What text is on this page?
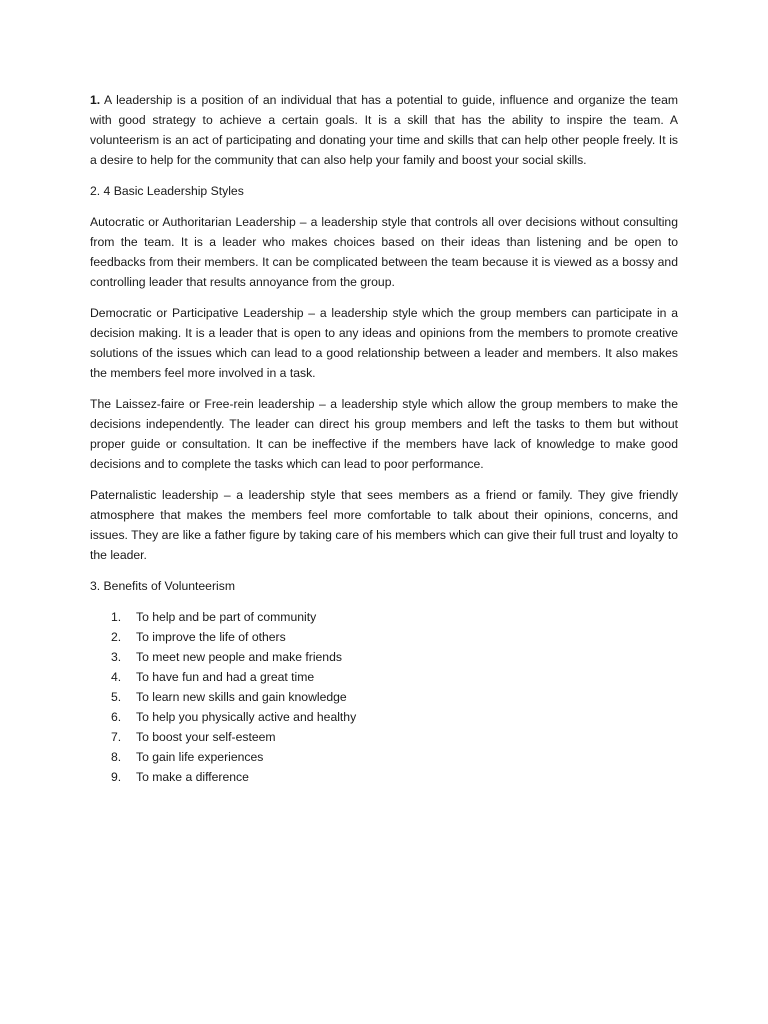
1. A leadership is a position of an individual that has a potential to guide, influence and organize the team with good strategy to achieve a certain goals. It is a skill that has the ability to inspire the team. A volunteerism is an act of participating and donating your time and skills that can help other people freely. It is a desire to help for the community that can also help your family and boost your social skills.

2. 4 Basic Leadership Styles

Autocratic or Authoritarian Leadership – a leadership style that controls all over decisions without consulting from the team. It is a leader who makes choices based on their ideas than listening and be open to feedbacks from their members. It can be complicated between the team because it is viewed as a bossy and controlling leader that results annoyance from the group.

Democratic or Participative Leadership – a leadership style which the group members can participate in a decision making. It is a leader that is open to any ideas and opinions from the members to promote creative solutions of the issues which can lead to a good relationship between a leader and members. It also makes the members feel more involved in a task.

The Laissez-faire or Free-rein leadership – a leadership style which allow the group members to make the decisions independently. The leader can direct his group members and left the tasks to them but without proper guide or consultation. It can be ineffective if the members have lack of knowledge to make good decisions and to complete the tasks which can lead to poor performance.

Paternalistic leadership – a leadership style that sees members as a friend or family. They give friendly atmosphere that makes the members feel more comfortable to talk about their opinions, concerns, and issues. They are like a father figure by taking care of his members which can give their full trust and loyalty to the leader.

3. Benefits of Volunteerism

1.	To help and be part of community
2.	To improve the life of others
3.	To meet new people and make friends
4.	To have fun and had a great time
5.	To learn new skills and gain knowledge
6.	To help you physically active and healthy
7.	To boost your self-esteem
8.	To gain life experiences
9.	To make a difference
